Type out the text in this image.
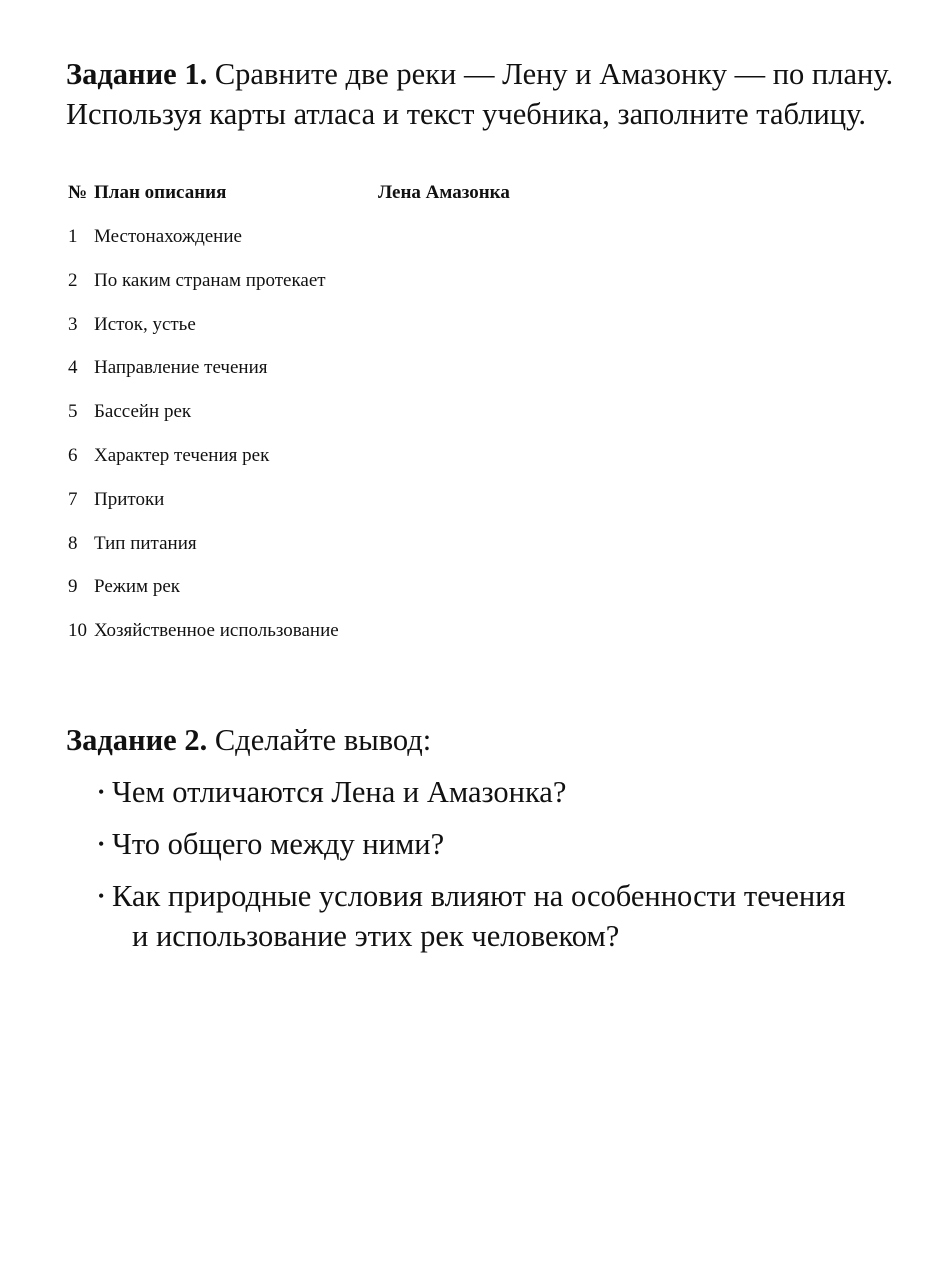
Задание 1. Сравните две реки — Лену и Амазонку — по плану. Используя карты атласа и текст учебника, заполните таблицу.

№	План описания	Лена Амазонка
1	Местонахождение	
2	По каким странам протекает	
3	Исток, устье	
4	Направление течения	
5	Бассейн рек	
6	Характер течения рек	
7	Притоки	
8	Тип питания	
9	Режим рек	
10	Хозяйственное использование	

Задание 2. Сделайте вывод:

• Чем отличаются Лена и Амазонка?
• Что общего между ними?
• Как природные условия влияют на особенности течения
и использование этих рек человеком?
